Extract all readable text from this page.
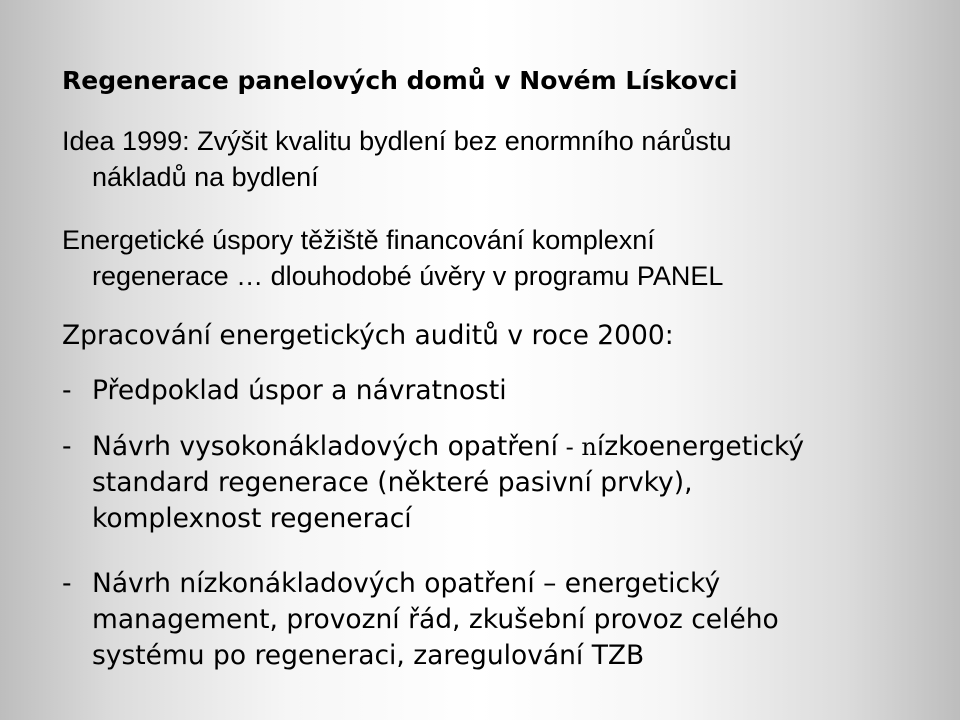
Regenerace panelových domů v Novém Lískovci

Idea 1999: Zvýšit kvalitu bydlení bez enormního nárůstu
nákladů na bydlení

Energetické úspory těžiště financování komplexní
regenerace … dlouhodobé úvěry v programu PANEL

Zpracování energetických auditů v roce 2000:

- Předpoklad úspor a návratnosti

- Návrh vysokonákladových opatření - nízkoenergetický
standard regenerace (některé pasivní prvky),
komplexnost regenerací

- Návrh nízkonákladových opatření – energetický
management, provozní řád, zkušební provoz celého
systému po regeneraci, zaregulování TZB
